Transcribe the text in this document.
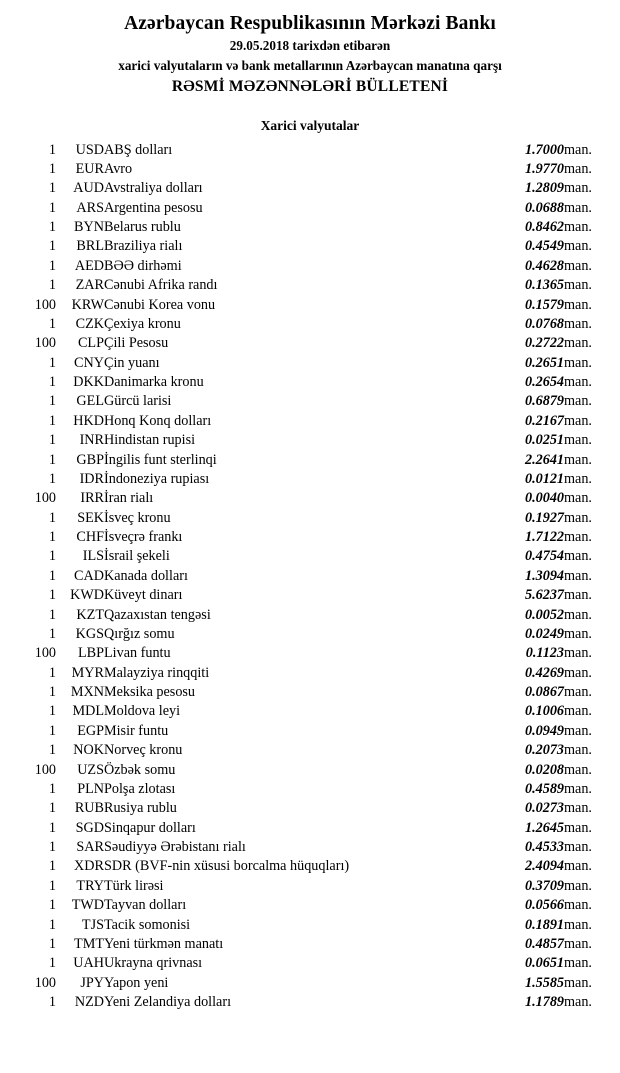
Azərbaycan Respublikasının Mərkəzi Bankı
29.05.2018 tarixdən etibarən
xarici valyutaların və bank metallarının Azərbaycan manatına qarşı
RƏSMİ MƏZƏNNƏLƏRİ BÜLLETENİ
Xarici valyutalar
1	USD	ABŞ dolları	1.7000	man.
1	EUR	Avro	1.9770	man.
1	AUD	Avstraliya dolları	1.2809	man.
1	ARS	Argentina pesosu	0.0688	man.
1	BYN	Belarus rublu	0.8462	man.
1	BRL	Braziliya rialı	0.4549	man.
1	AED	BƏƏ dirhəmi	0.4628	man.
1	ZAR	Cənubi Afrika randı	0.1365	man.
100	KRW	Cənubi Korea vonu	0.1579	man.
1	CZK	Çexiya kronu	0.0768	man.
100	CLP	Çili Pesosu	0.2722	man.
1	CNY	Çin yuanı	0.2651	man.
1	DKK	Danimarka kronu	0.2654	man.
1	GEL	Gürcü larisi	0.6879	man.
1	HKD	Honq Konq dolları	0.2167	man.
1	INR	Hindistan rupisi	0.0251	man.
1	GBP	İngilis funt sterlinqi	2.2641	man.
1	IDR	İndoneziya rupiası	0.0121	man.
100	IRR	İran rialı	0.0040	man.
1	SEK	İsveç kronu	0.1927	man.
1	CHF	İsveçrə frankı	1.7122	man.
1	ILS	İsrail şekeli	0.4754	man.
1	CAD	Kanada dolları	1.3094	man.
1	KWD	Küveyt dinarı	5.6237	man.
1	KZT	Qazaxıstan tengəsi	0.0052	man.
1	KGS	Qırğız somu	0.0249	man.
100	LBP	Livan funtu	0.1123	man.
1	MYR	Malayziya rinqqiti	0.4269	man.
1	MXN	Meksika pesosu	0.0867	man.
1	MDL	Moldova leyi	0.1006	man.
1	EGP	Misir funtu	0.0949	man.
1	NOK	Norveç kronu	0.2073	man.
100	UZS	Özbək somu	0.0208	man.
1	PLN	Polşa zlotası	0.4589	man.
1	RUB	Rusiya rublu	0.0273	man.
1	SGD	Sinqapur dolları	1.2645	man.
1	SAR	Səudiyyə Ərəbistanı rialı	0.4533	man.
1	XDR	SDR (BVF-nin xüsusi borcalma hüquqları)	2.4094	man.
1	TRY	Türk lirəsi	0.3709	man.
1	TWD	Tayvan dolları	0.0566	man.
1	TJS	Tacik somonisi	0.1891	man.
1	TMT	Yeni türkmən manatı	0.4857	man.
1	UAH	Ukrayna qrivnası	0.0651	man.
100	JPY	Yapon yeni	1.5585	man.
1	NZD	Yeni Zelandiya dolları	1.1789	man.
